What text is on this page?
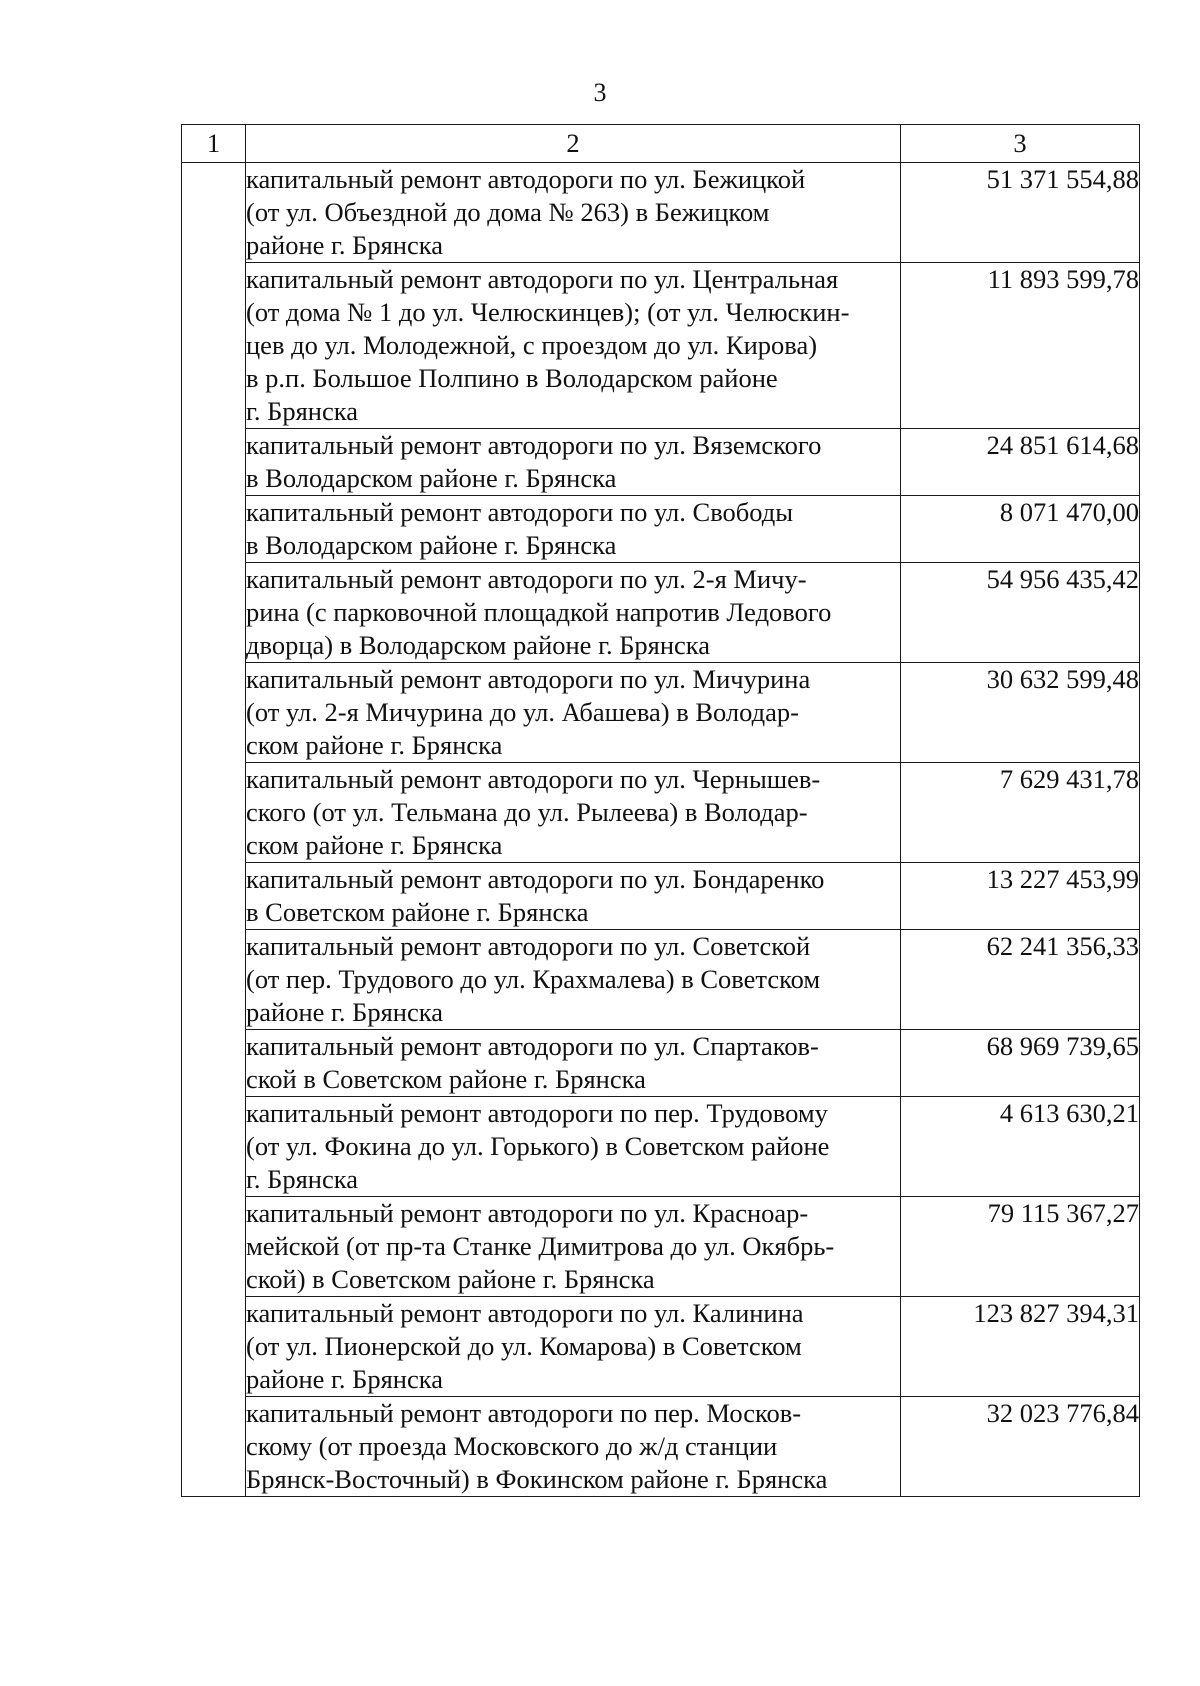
3
1	2	3

	капитальный ремонт автодороги по ул. Бежицкой
(от ул. Объездной до дома № 263) в Бежицком
районе г. Брянска	51 371 554,88

	капитальный ремонт автодороги по ул. Центральная
(от дома № 1 до ул. Челюскинцев); (от ул. Челюскин-
цев до ул. Молодежной, с проездом до ул. Кирова)
в р.п. Большое Полпино в Володарском районе
г. Брянска	11 893 599,78

	капитальный ремонт автодороги по ул. Вяземского
в Володарском районе г. Брянска	24 851 614,68

	капитальный ремонт автодороги по ул. Свободы
в Володарском районе г. Брянска	8 071 470,00

	капитальный ремонт автодороги по ул. 2-я Мичу-
рина (с парковочной площадкой напротив Ледового
дворца) в Володарском районе г. Брянска	54 956 435,42

	капитальный ремонт автодороги по ул. Мичурина
(от ул. 2-я Мичурина до ул. Абашева) в Володар-
ском районе г. Брянска	30 632 599,48

	капитальный ремонт автодороги по ул. Чернышев-
ского (от ул. Тельмана до ул. Рылеева) в Володар-
ском районе г. Брянска	7 629 431,78

	капитальный ремонт автодороги по ул. Бондаренко
в Советском районе г. Брянска	13 227 453,99

	капитальный ремонт автодороги по ул. Советской
(от пер. Трудового до ул. Крахмалева) в Советском
районе г. Брянска	62 241 356,33

	капитальный ремонт автодороги по ул. Спартаков-
ской в Советском районе г. Брянска	68 969 739,65

	капитальный ремонт автодороги по пер. Трудовому
(от ул. Фокина до ул. Горького) в Советском районе
г. Брянска	4 613 630,21

	капитальный ремонт автодороги по ул. Красноар-
мейской (от пр-та Станке Димитрова до ул. Окябрь-
ской) в Советском районе г. Брянска	79 115 367,27

	капитальный ремонт автодороги по ул. Калинина
(от ул. Пионерской до ул. Комарова) в Советском
районе г. Брянска	123 827 394,31

	капитальный ремонт автодороги по пер. Москов-
скому (от проезда Московского до ж/д станции
Брянск-Восточный) в Фокинском районе г. Брянска	32 023 776,84
